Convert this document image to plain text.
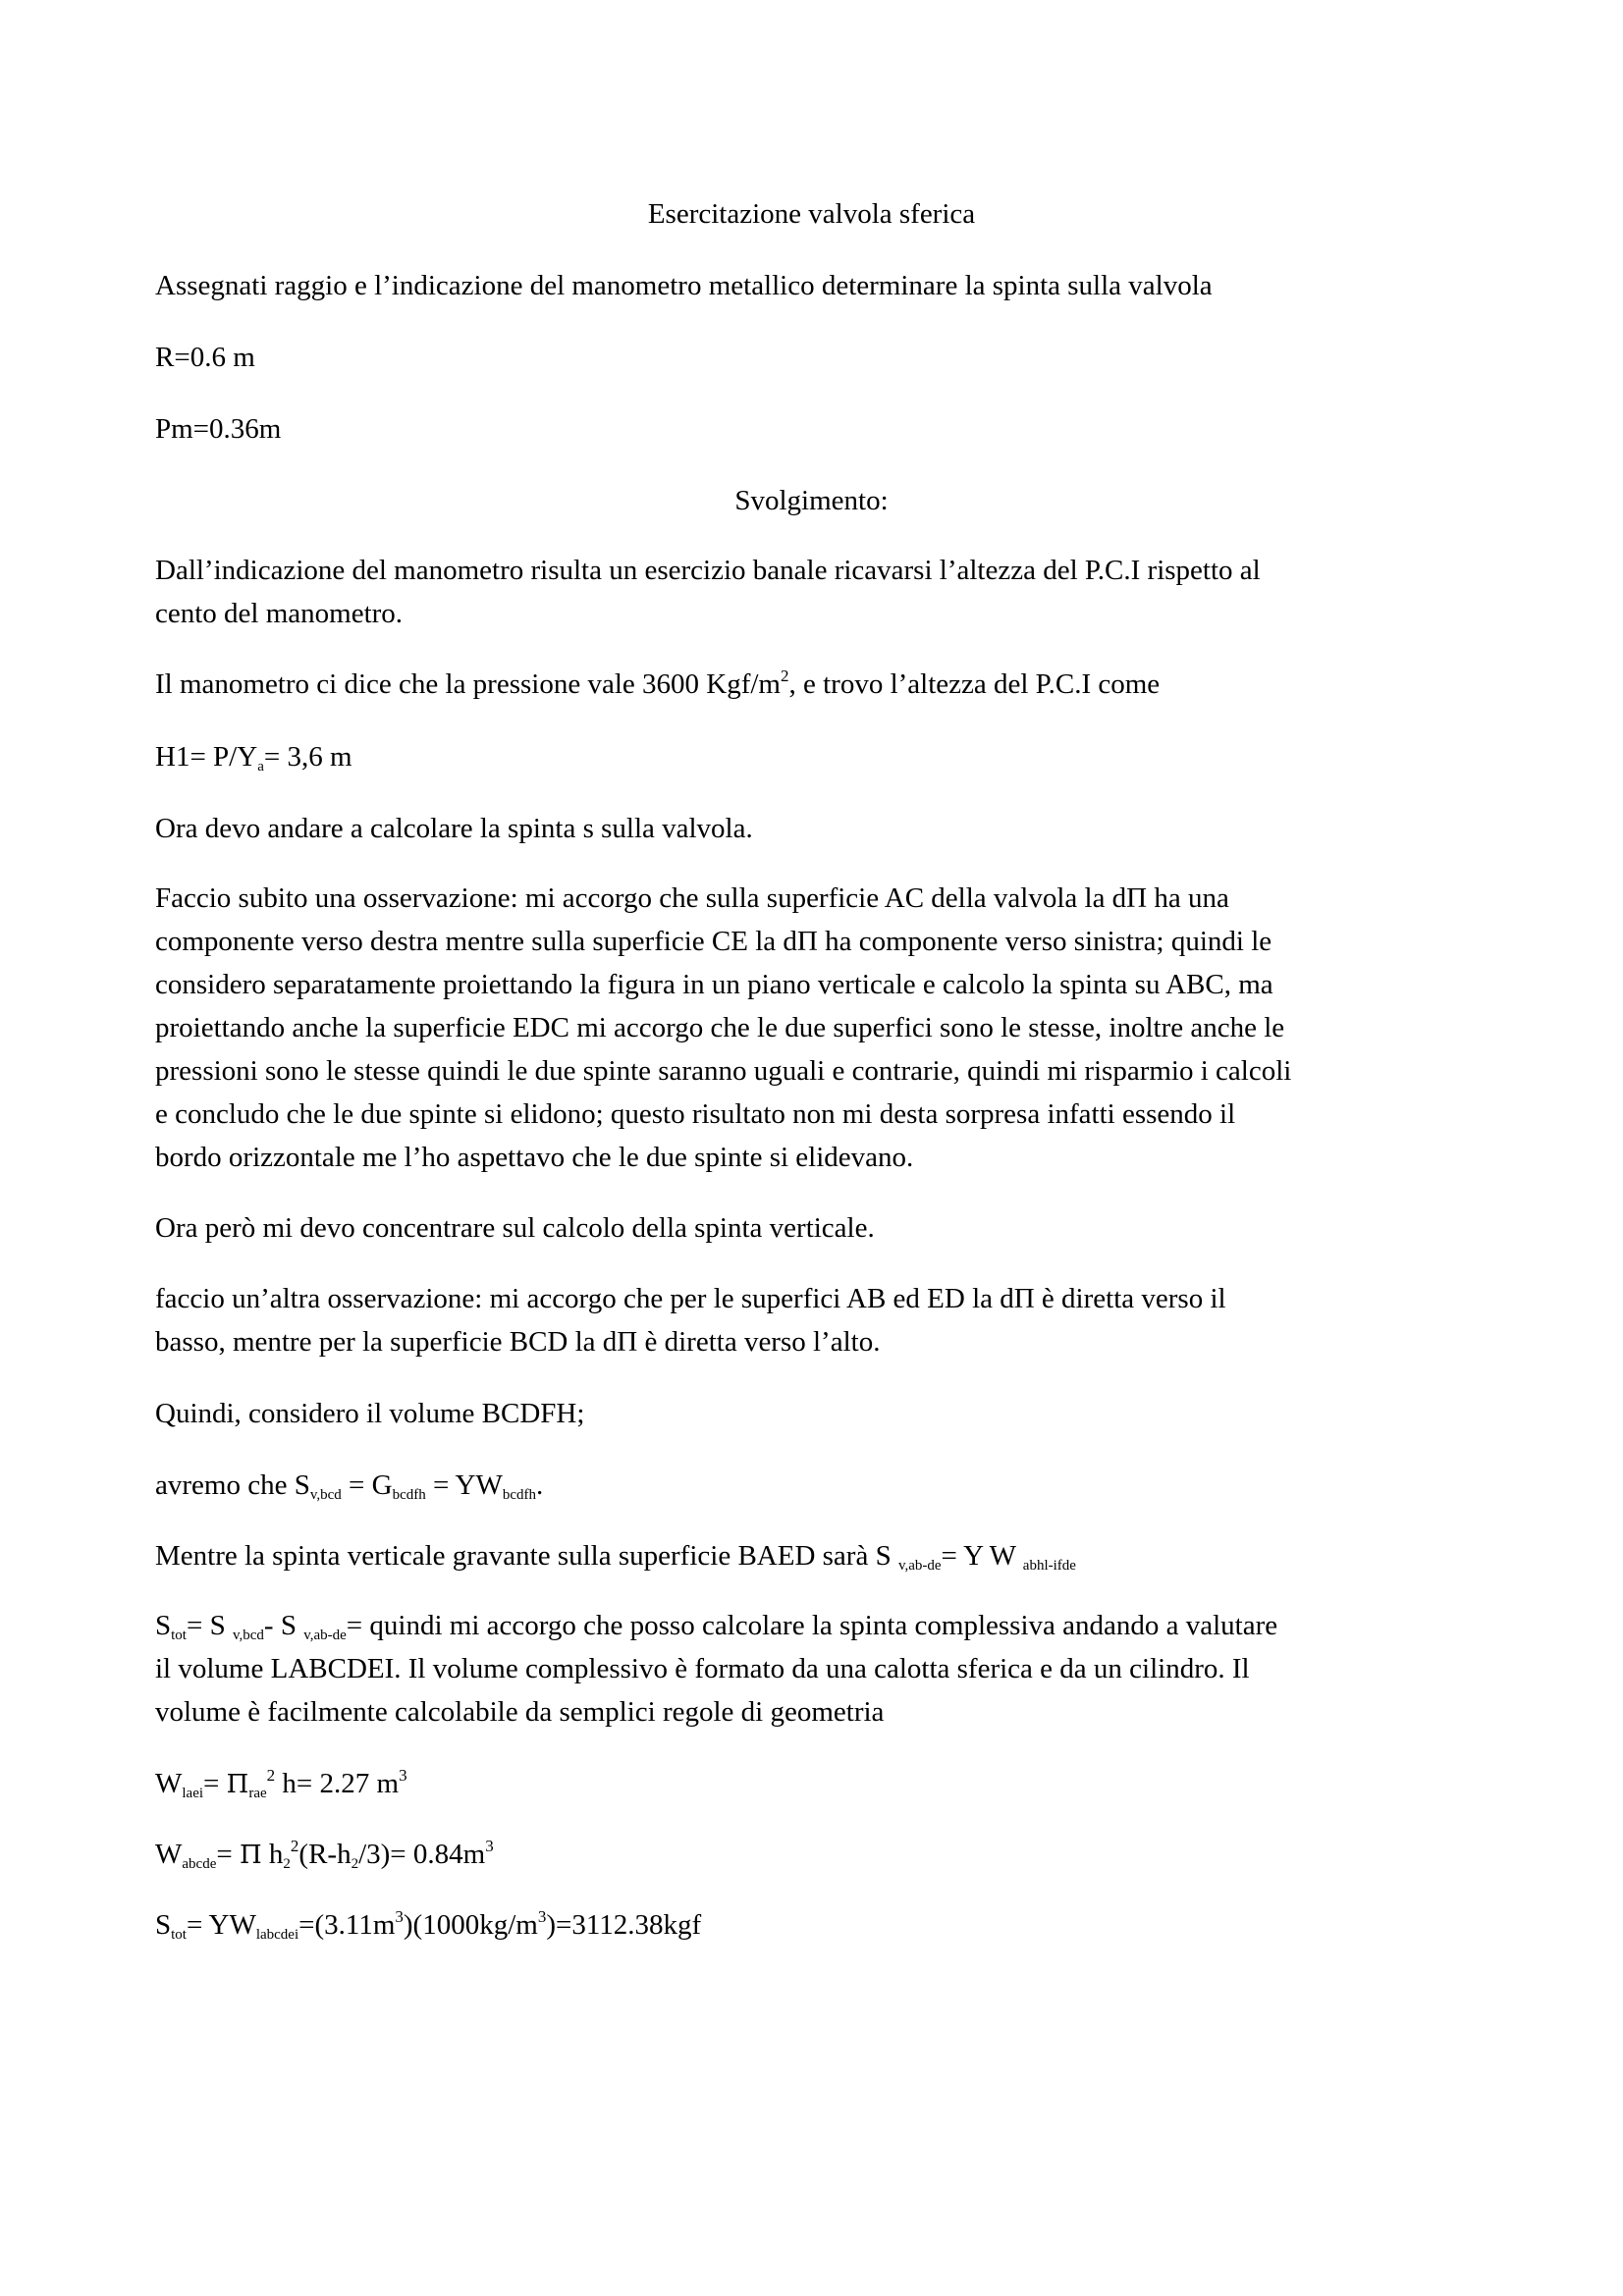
Esercitazione valvola sferica
Assegnati raggio e l’indicazione del manometro metallico determinare la spinta sulla valvola
R=0.6 m
Pm=0.36m
Svolgimento:
Dall’indicazione del manometro risulta un esercizio banale ricavarsi l’altezza del P.C.I rispetto al
cento del manometro.
Il manometro ci dice che la pressione vale 3600 Kgf/$m^2$, e trovo l’altezza del P.C.I come
$H1= P/Y_a= 3,6$ m
Ora devo andare a calcolare la spinta s sulla valvola.
Faccio subito una osservazione: mi accorgo che sulla superficie AC della valvola la dΠ ha una
componente verso destra mentre sulla superficie CE la dΠ ha componente verso sinistra; quindi le
considero separatamente proiettando la figura in un piano verticale e calcolo la spinta su ABC, ma
proiettando anche la superficie EDC mi accorgo che le due superfici sono le stesse, inoltre anche le
pressioni sono le stesse quindi le due spinte saranno uguali e contrarie, quindi mi risparmio i calcoli
e concludo che le due spinte si elidono; questo risultato non mi desta sorpresa infatti essendo il
bordo orizzontale me l’ho aspettavo che le due spinte si elidevano.
Ora però mi devo concentrare sul calcolo della spinta verticale.
faccio un’altra osservazione: mi accorgo che per le superfici AB ed ED la dΠ è diretta verso il
basso, mentre per la superficie BCD la dΠ è diretta verso l’alto.
Quindi, considero il volume BCDFH;
avremo che $S_{v,bcd} = G_{bcdfh} = YW_{bcdfh}$.
Mentre la spinta verticale gravante sulla superficie BAED sarà S $_{v,ab-de}$= Y W $_{abhl-ifde}$
$S_{tot}= S$ $_{v,bcd}$- S $_{v,ab-de}$= quindi mi accorgo che posso calcolare la spinta complessiva andando a valutare
il volume LABCDEI. Il volume complessivo è formato da una calotta sferica e da un cilindro. Il
volume è facilmente calcolabile da semplici regole di geometria
$W_{laei}= \Pi_{rae}^2$ h= 2.27 $m^3$
$W_{abcde}= \Pi$ $h_2^2(R-h_2/3)= 0.84m^3$
$S_{tot}= YW_{labcdei}=(3.11m^3)(1000kg/m^3)=3112.38kgf$
